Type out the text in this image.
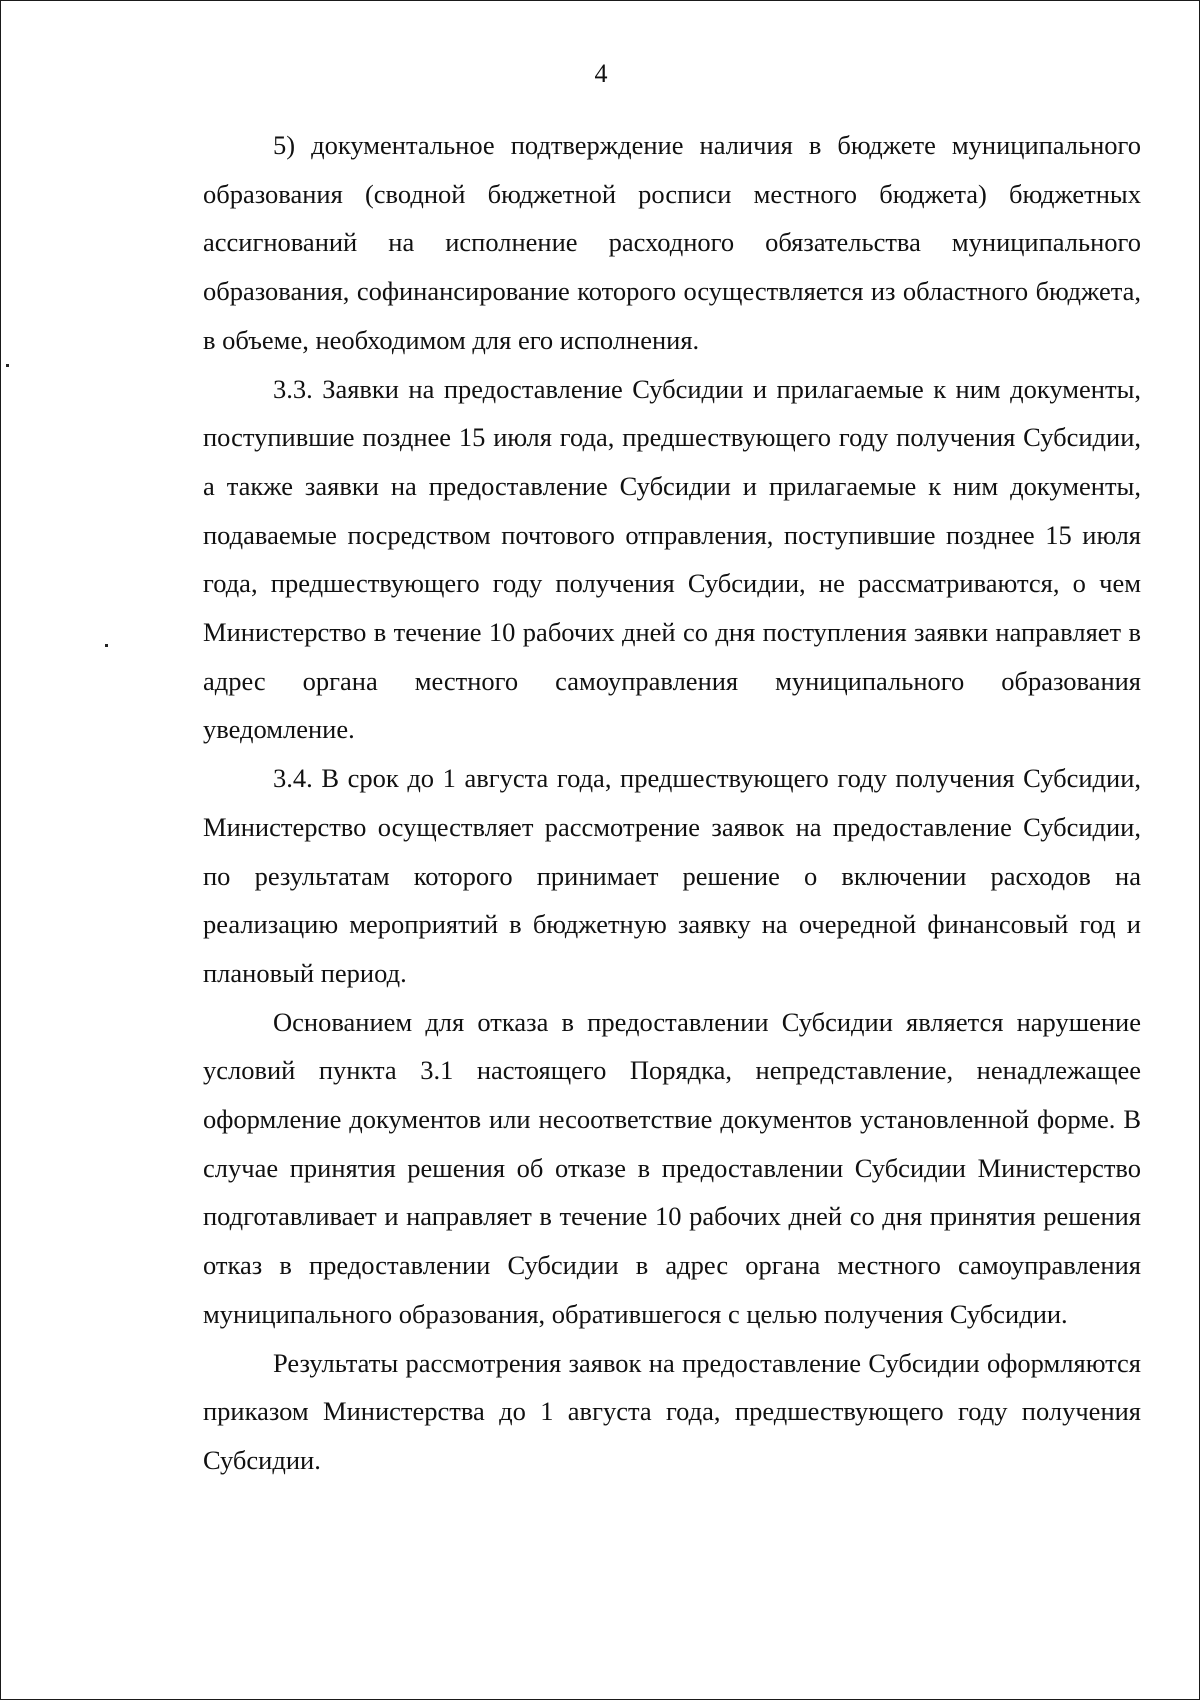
4

5) документальное подтверждение наличия в бюджете муниципального образования (сводной бюджетной росписи местного бюджета) бюджетных ассигнований на исполнение расходного обязательства муниципального образования, софинансирование которого осуществляется из областного бюджета, в объеме, необходимом для его исполнения.

3.3. Заявки на предоставление Субсидии и прилагаемые к ним документы, поступившие позднее 15 июля года, предшествующего году получения Субсидии, а также заявки на предоставление Субсидии и прилагаемые к ним документы, подаваемые посредством почтового отправления, поступившие позднее 15 июля года, предшествующего году получения Субсидии, не рассматриваются, о чем Министерство в течение 10 рабочих дней со дня поступления заявки направляет в адрес органа местного самоуправления муниципального образования уведомление.

3.4. В срок до 1 августа года, предшествующего году получения Субсидии, Министерство осуществляет рассмотрение заявок на предоставление Субсидии, по результатам которого принимает решение о включении расходов на реализацию мероприятий в бюджетную заявку на очередной финансовый год и плановый период.

Основанием для отказа в предоставлении Субсидии является нарушение условий пункта 3.1 настоящего Порядка, непредставление, ненадлежащее оформление документов или несоответствие документов установленной форме. В случае принятия решения об отказе в предоставлении Субсидии Министерство подготавливает и направляет в течение 10 рабочих дней со дня принятия решения отказ в предоставлении Субсидии в адрес органа местного самоуправления муниципального образования, обратившегося с целью получения Субсидии.

Результаты рассмотрения заявок на предоставление Субсидии оформляются приказом Министерства до 1 августа года, предшествующего году получения Субсидии.
